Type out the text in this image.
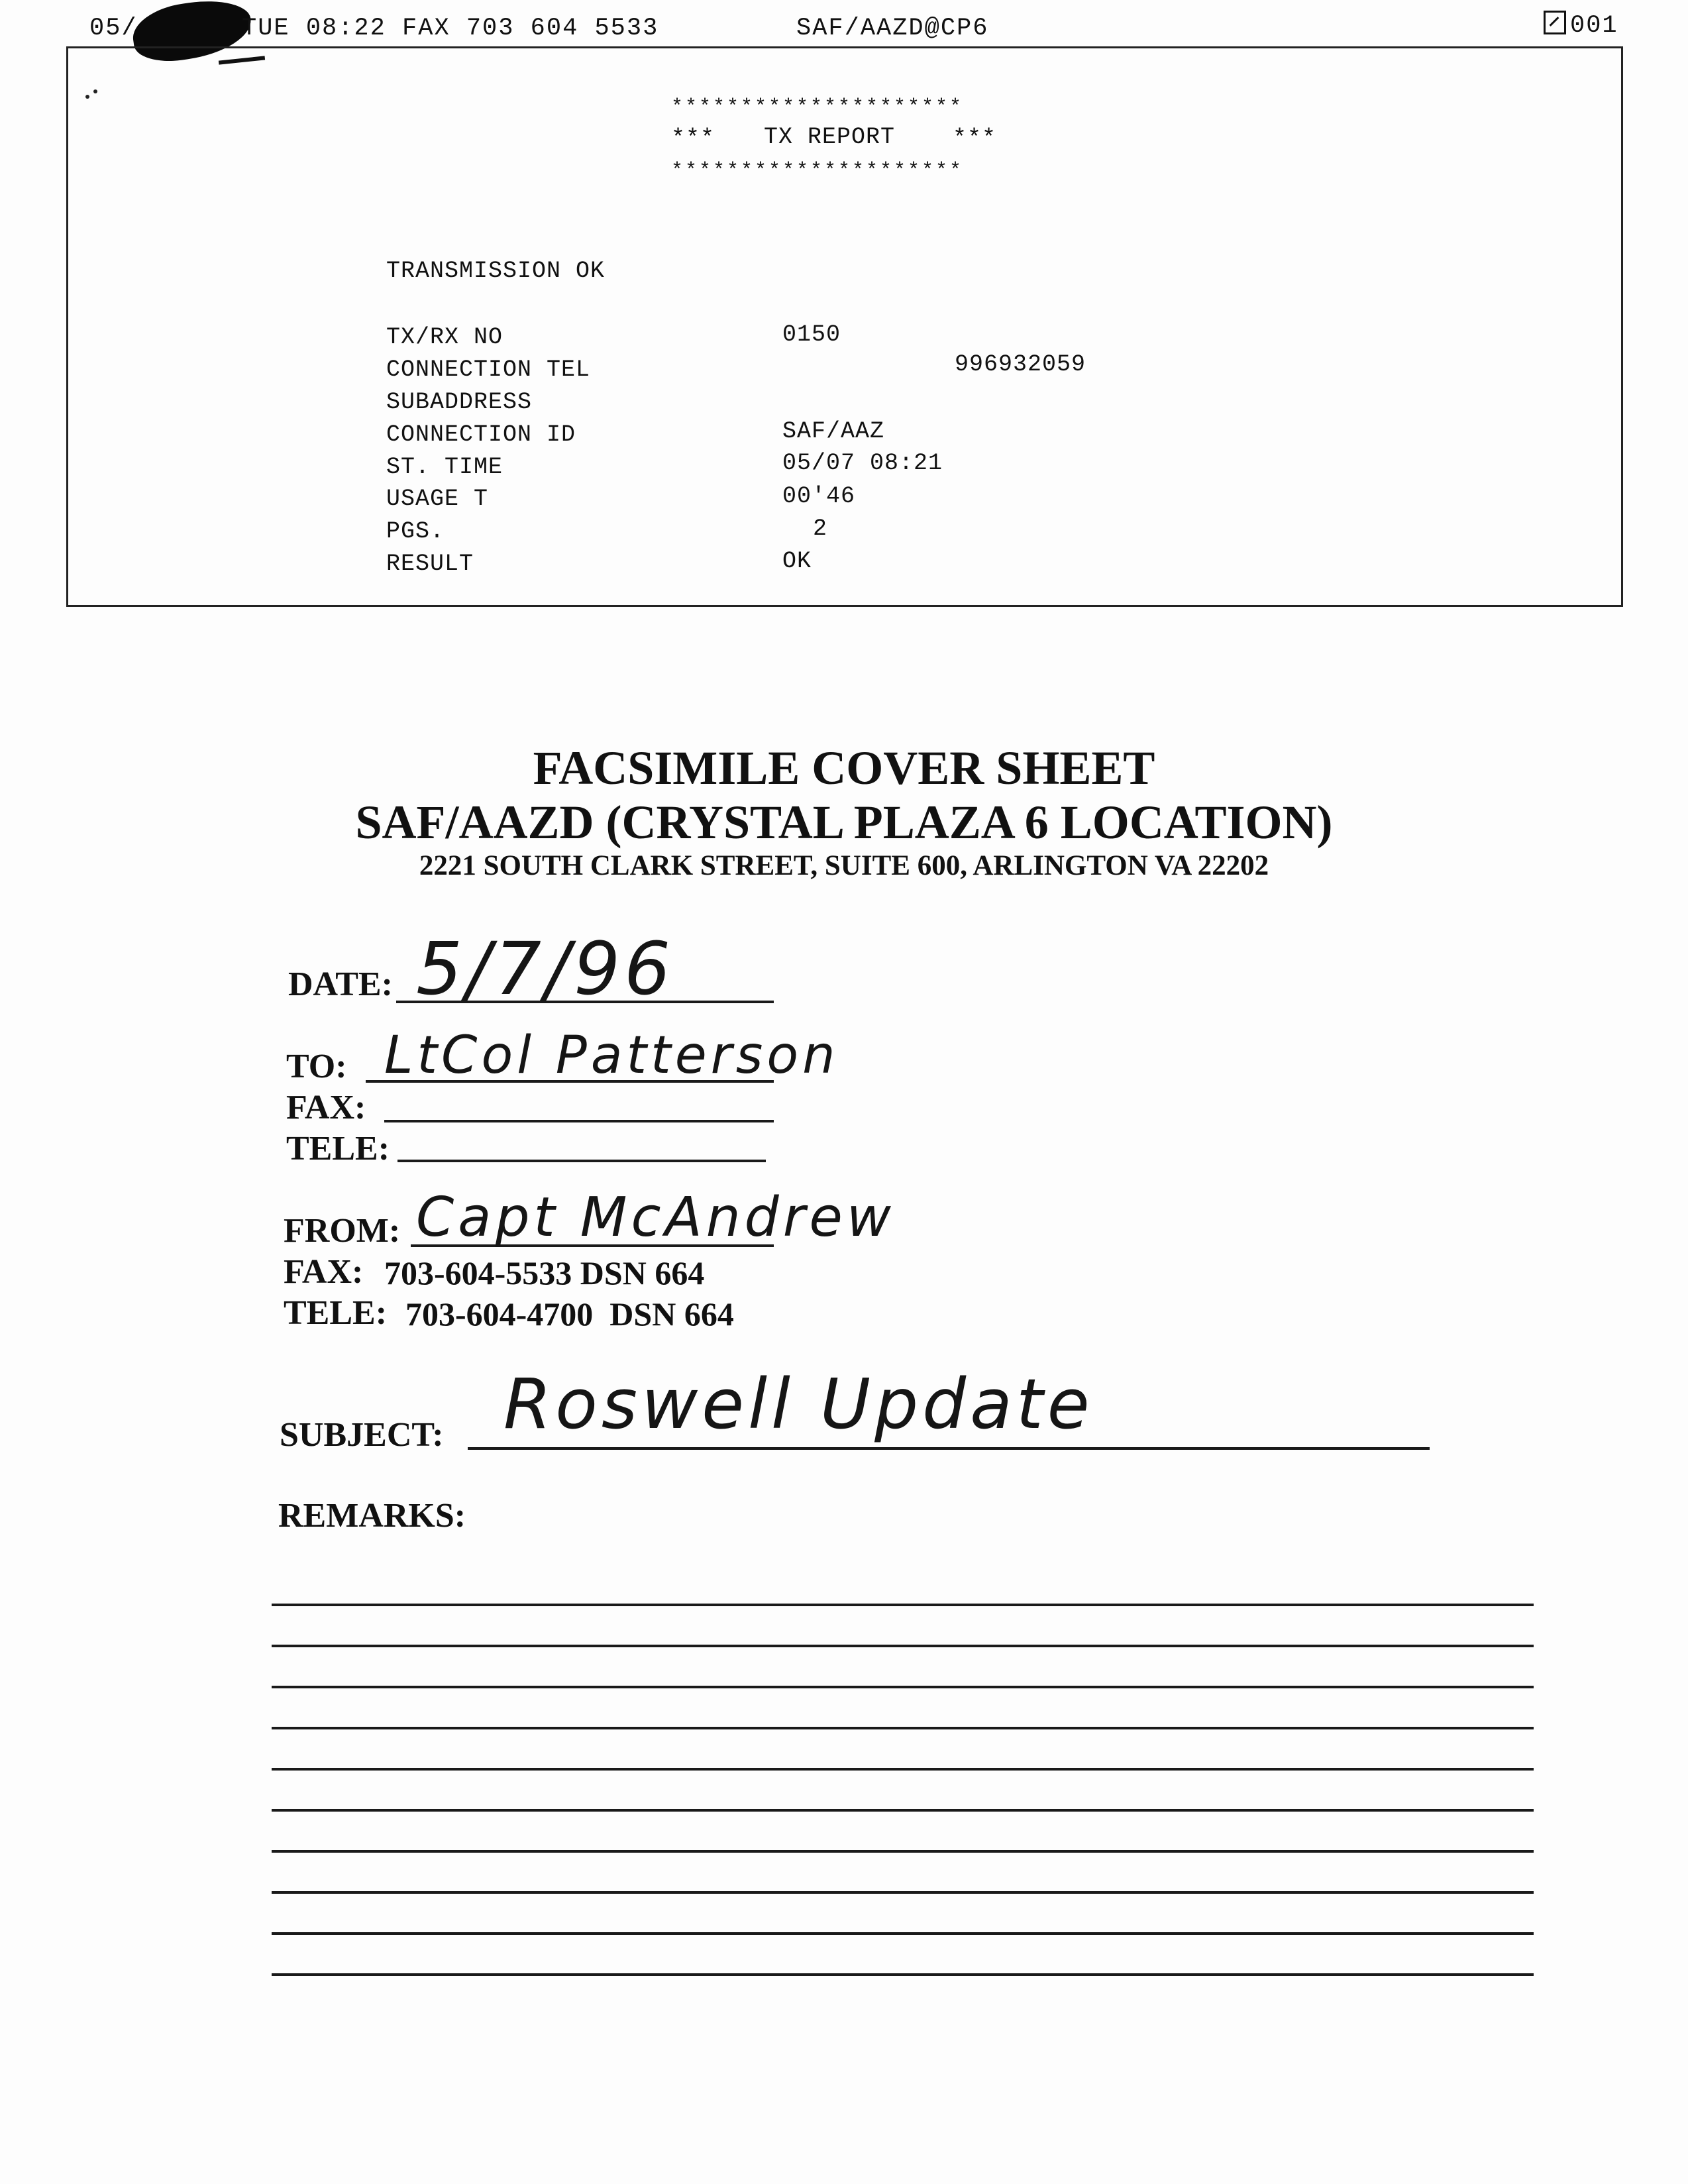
05/	TUE 08:22 FAX 703 604 5533	SAF/AAZD@CP6	001
*********************
*** TX REPORT ***
*********************
TRANSMISSION OK
TX/RX NO	0150
CONNECTION TEL	996932059
SUBADDRESS
CONNECTION ID	SAF/AAZ
ST. TIME	05/07 08:21
USAGE T	00'46
PGS.	2
RESULT	OK
FACSIMILE COVER SHEET
SAF/AAZD (CRYSTAL PLAZA 6 LOCATION)
2221 SOUTH CLARK STREET, SUITE 600, ARLINGTON VA 22202
DATE: 5/7/96
TO: LtCol Patterson
FAX:
TELE:
FROM: Capt McAndrew
FAX: 703-604-5533 DSN 664
TELE: 703-604-4700  DSN 664
SUBJECT: Roswell Update
REMARKS:
